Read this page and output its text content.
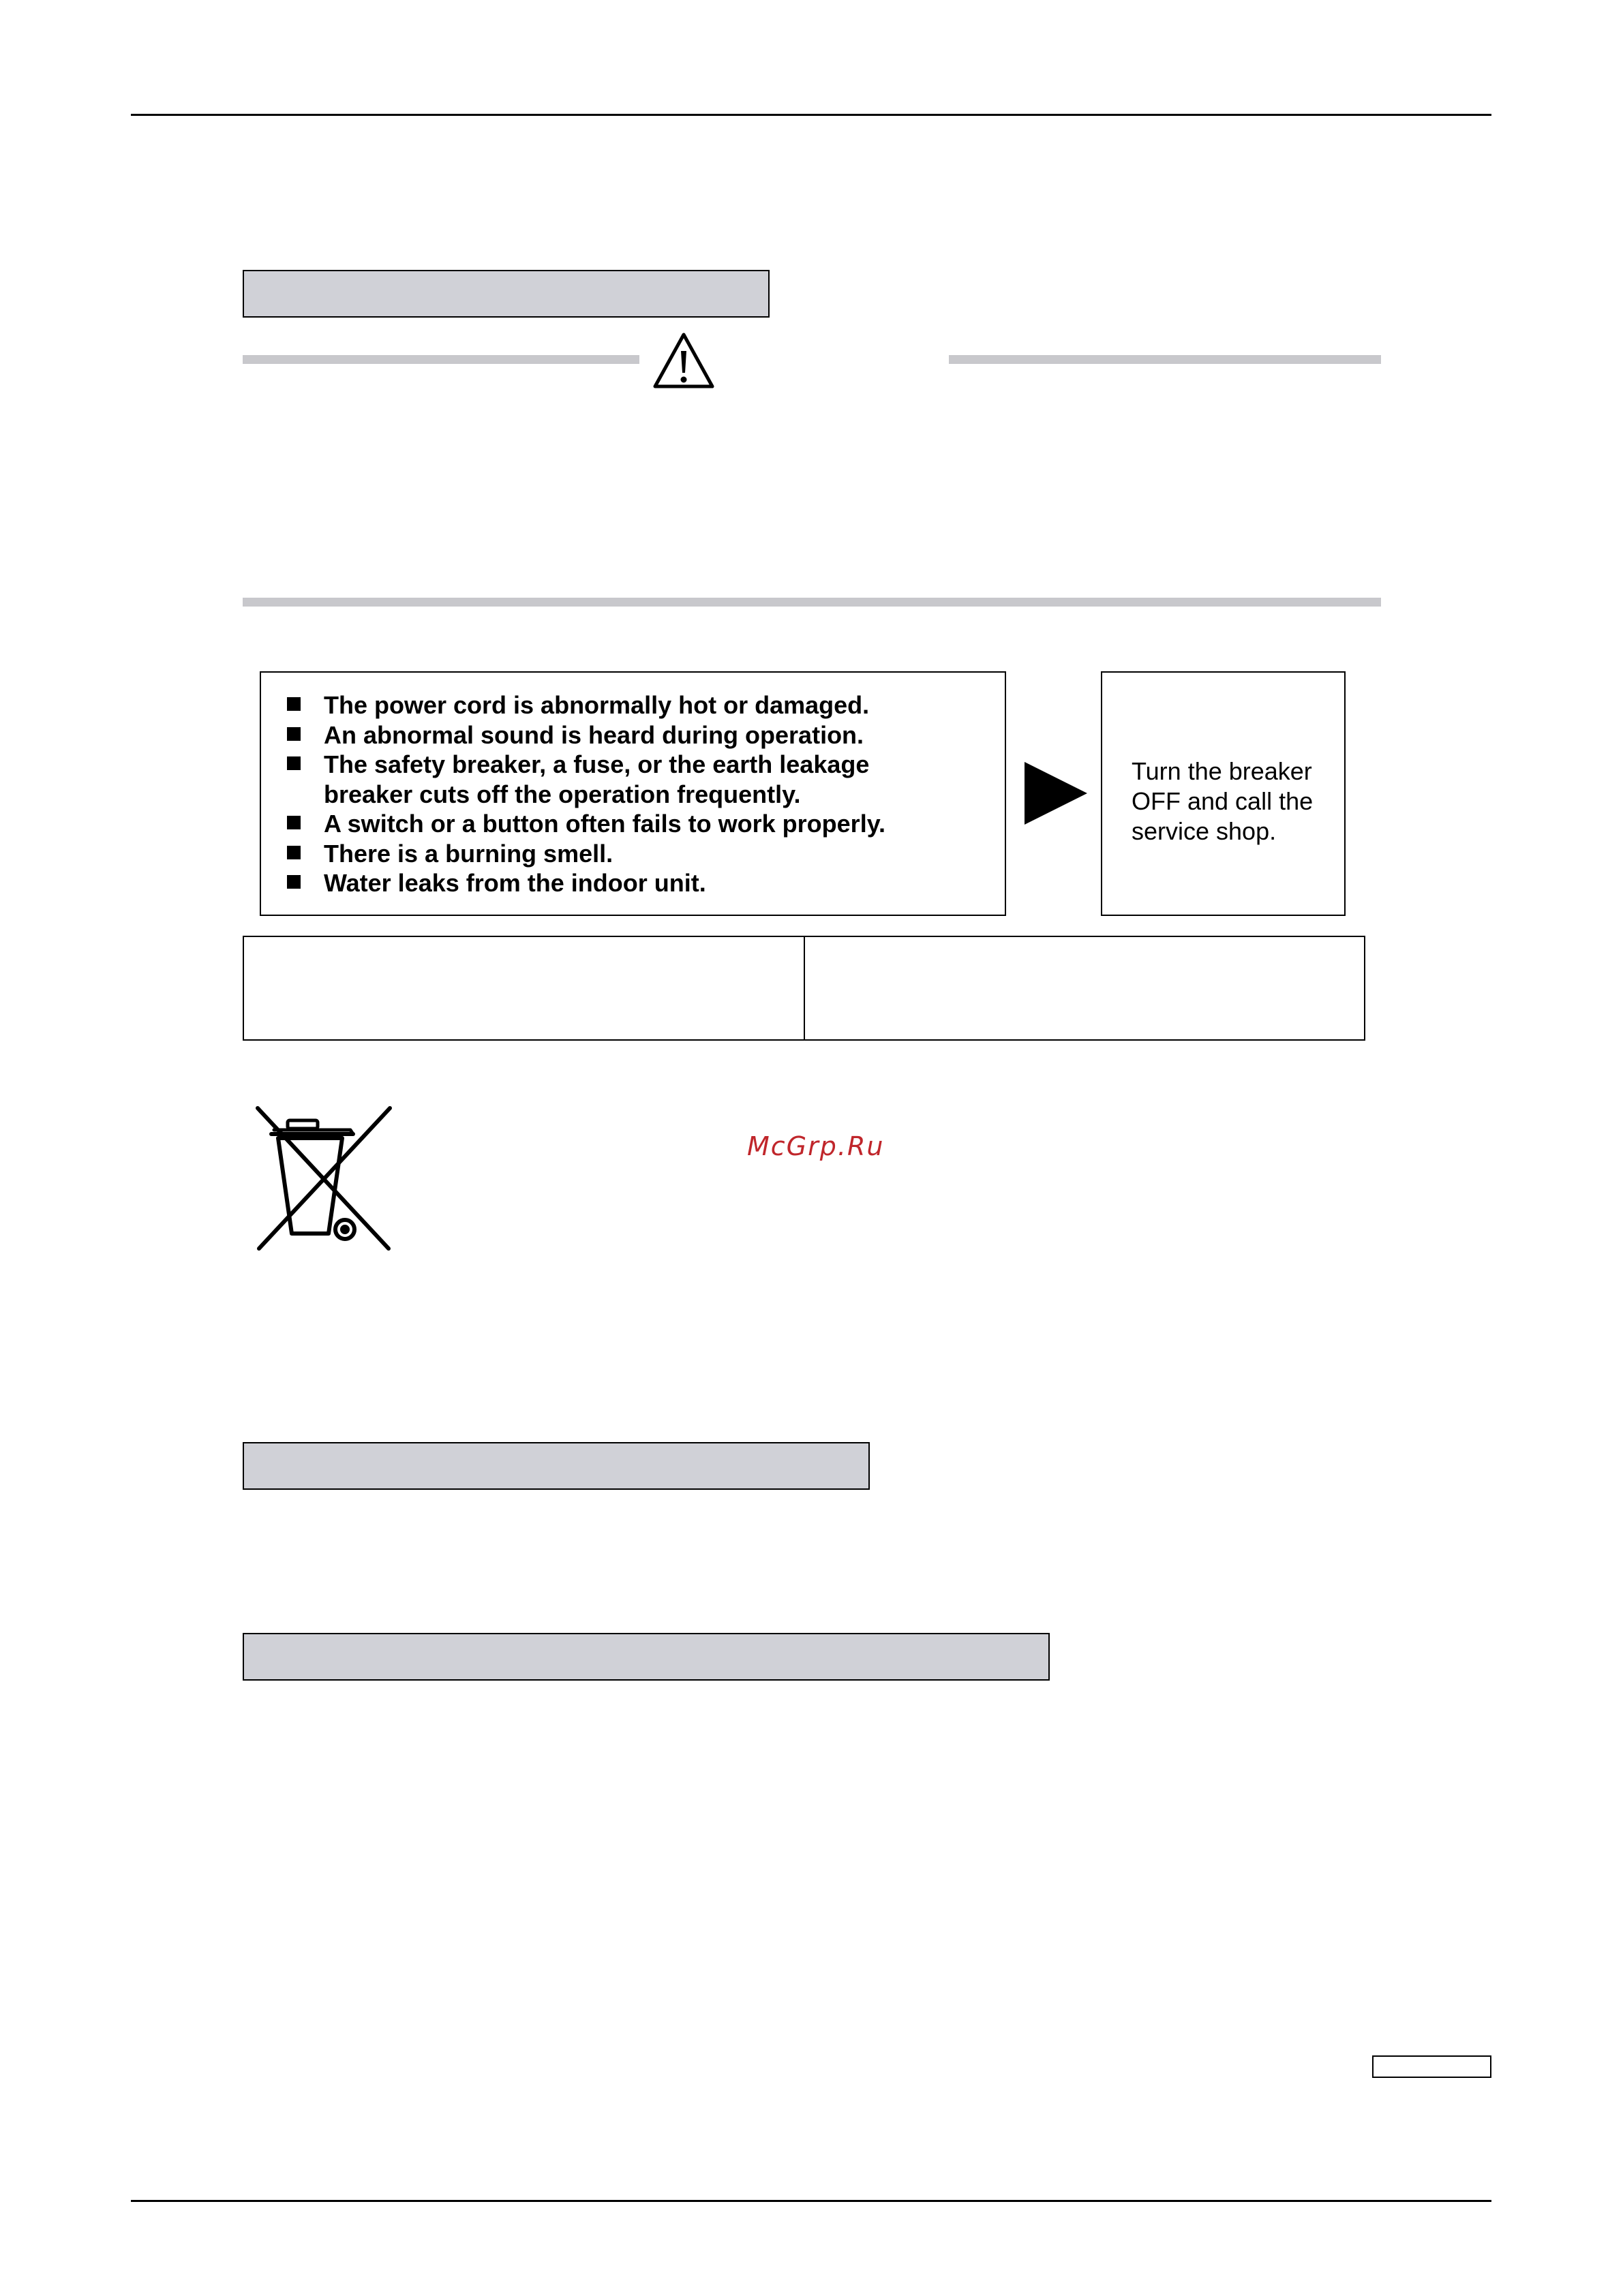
The power cord is abnormally hot or damaged.
An abnormal sound is heard during operation.
The safety breaker, a fuse, or the earth leakage breaker cuts off the operation frequently.
A switch or a button often fails to work properly.
There is a burning smell.
Water leaks from the indoor unit.
Turn the breaker OFF and call the service shop.
McGrp.Ru
